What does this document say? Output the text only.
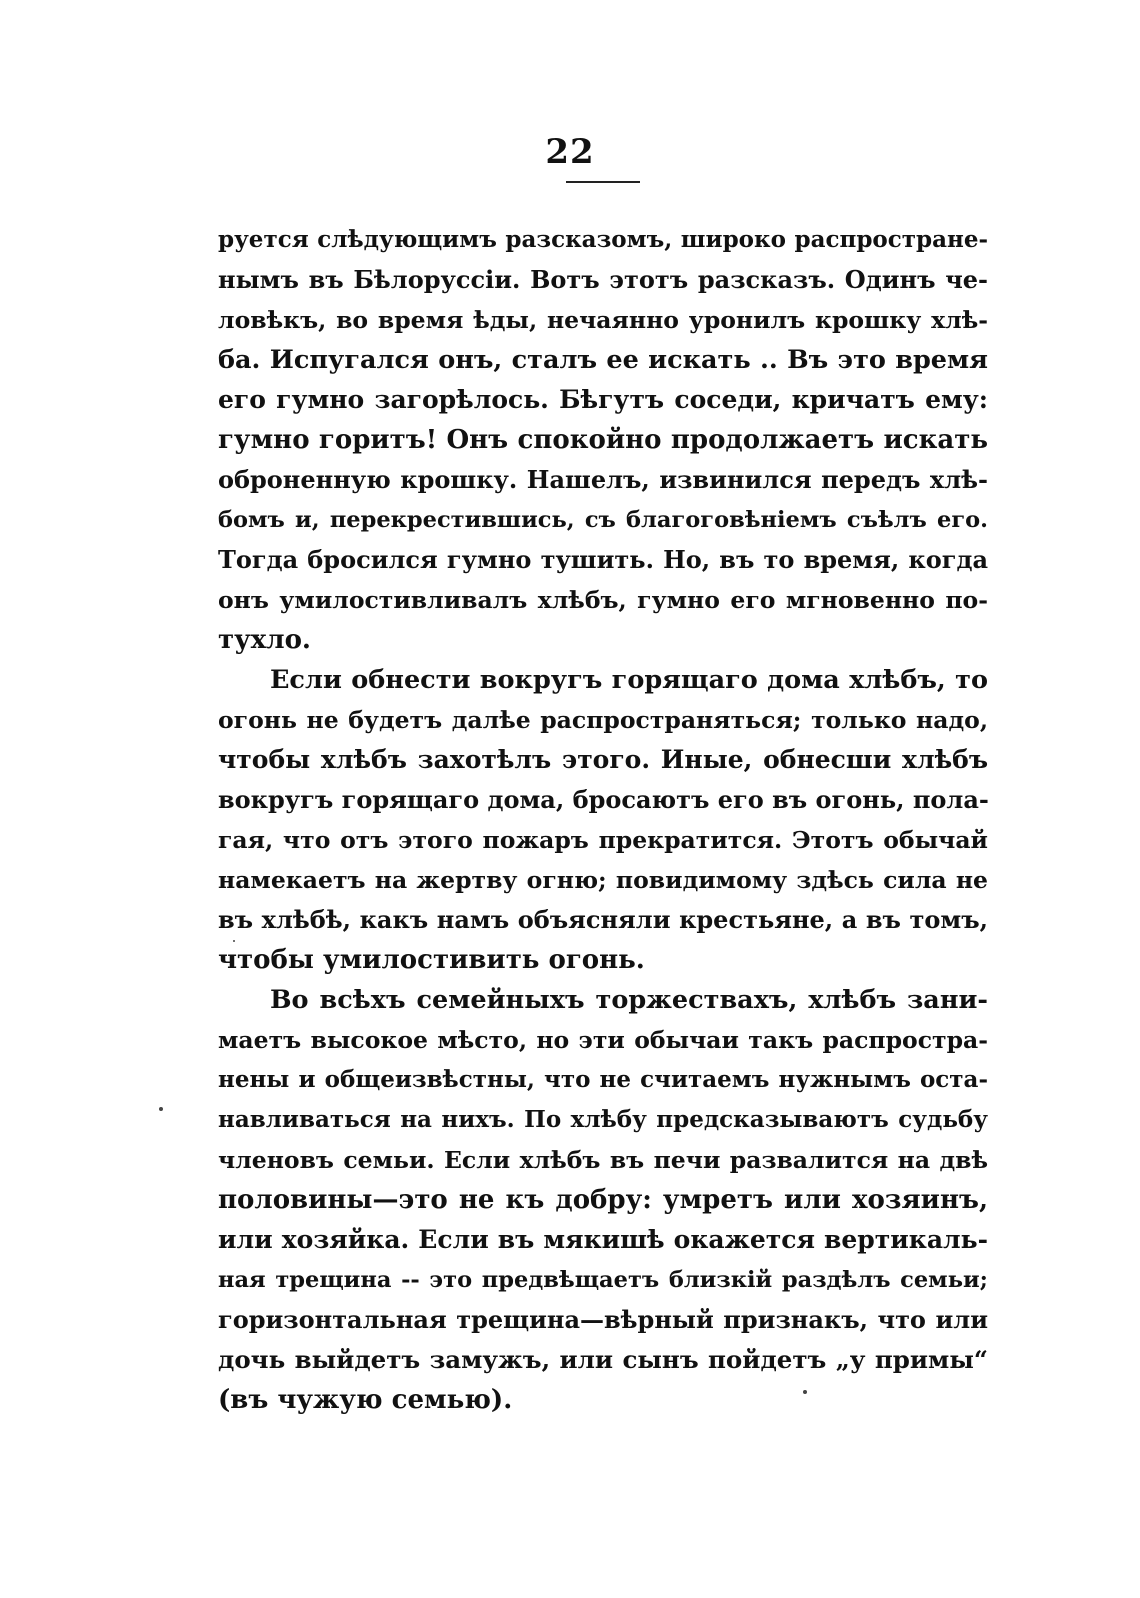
22
руется слѣдующимъ разсказомъ, широко распростране-
нымъ въ Бѣлоруссіи. Вотъ этотъ разсказъ. Одинъ че-
ловѣкъ, во время ѣды, нечаянно уронилъ крошку хлѣ-
ба. Испугался онъ, сталъ ее искать .. Въ это время
его гумно загорѣлось. Бѣгутъ соседи, кричатъ ему:
гумно горитъ! Онъ спокойно продолжаетъ искать
оброненную крошку. Нашелъ, извинился передъ хлѣ-
бомъ и, перекрестившись, съ благоговѣніемъ съѣлъ его.
Тогда бросился гумно тушить. Но, въ то время, когда
онъ умилостивливалъ хлѣбъ, гумно его мгновенно по-
тухло.
Если обнести вокругъ горящаго дома хлѣбъ, то
огонь не будетъ далѣе распространяться; только надо,
чтобы хлѣбъ захотѣлъ этого. Иные, обнесши хлѣбъ
вокругъ горящаго дома, бросаютъ его въ огонь, пола-
гая, что отъ этого пожаръ прекратится. Этотъ обычай
намекаетъ на жертву огню; повидимому здѣсь сила не
въ хлѣбѣ, какъ намъ объясняли крестьяне, а въ томъ,
чтобы умилостивить огонь.
Во всѣхъ семейныхъ торжествахъ, хлѣбъ зани-
маетъ высокое мѣсто, но эти обычаи такъ распростра-
нены и общеизвѣстны, что не считаемъ нужнымъ оста-
навливаться на нихъ. По хлѣбу предсказываютъ судьбу
членовъ семьи. Если хлѣбъ въ печи развалится на двѣ
половины—это не къ добру: умретъ или хозяинъ,
или хозяйка. Если въ мякишѣ окажется вертикаль-
ная трещина -- это предвѣщаетъ близкій раздѣлъ семьи;
горизонтальная трещина—вѣрный признакъ, что или
дочь выйдетъ замужъ, или сынъ пойдетъ „у примы“
(въ чужую семью).
